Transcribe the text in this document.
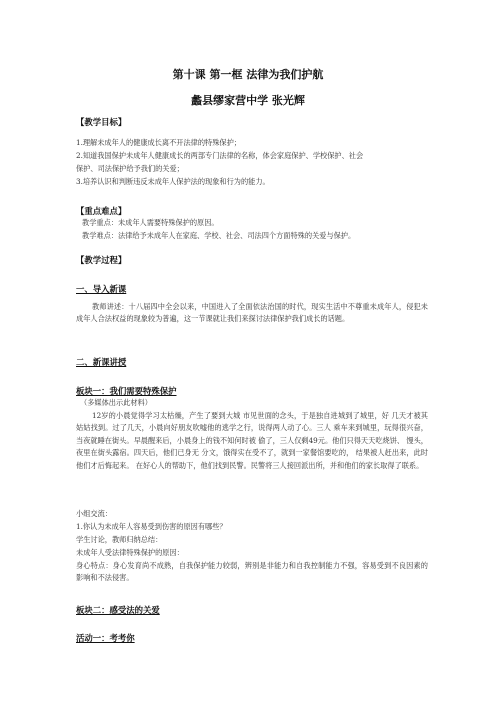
第十课 第一框 法律为我们护航
蠡县缪家营中学 张光辉
【教学目标】
1.理解未成年人的健康成长离不开法律的特殊保护；
2.知道我国保护未成年人健康成长的两部专门法律的名称，体会家庭保护、学校保护、社会
保护、司法保护给予我们的关爱；
3.培养认识和判断违反未成年人保护法的现象和行为的能力。
【重点难点】
教学重点：未成年人需要特殊保护的原因。
教学难点：法律给予未成年人在家庭、学校、社会、司法四个方面特殊的关爱与保护。
【教学过程】
一、导入新课
教师讲述：十八届四中全会以来，中国进入了全面依法治国的时代，现实生活中不尊重未成年人，侵犯未成年人合法权益的现象较为普遍，这一节课就让我们来探讨法律保护我们成长的话题。
二、新课讲授
板块一：我们需要特殊保护
（多媒体出示此材料）
12岁的小晨觉得学习太枯燥，产生了要到大城 市见世面的念头，于是独自进城到了城里，好 几天才被其姑姑找到。过了几天，小晨向好朋友吹嘘他的逃学之行，说得两人动了心。三人 乘车来到城里，玩得很兴奋，当夜就睡在街头。早晨醒来后，小晨身上的钱不知何时被 偷了，三人仅剩49元。他们只得天天吃烧饼、 馒头，夜里在街头露宿。四天后，他们已身无 分文，饿得实在受不了，就到一家餐馆要吃的， 结果被人赶出来，此时他们才后悔起来。 在好心人的帮助下，他们找到民警。民警将三人接回派出所，并和他们的家长取得了联系。
小组交流：
1.你认为未成年人容易受到伤害的原因有哪些？
学生讨论，教师归纳总结：
未成年人受法律特殊保护的原因：
身心特点：身心发育尚不成熟，自我保护能力较弱，辨别是非能力和自我控制能力不强，容易受到不良因素的影响和不法侵害。
板块二：感受法的关爱
活动一：考考你
